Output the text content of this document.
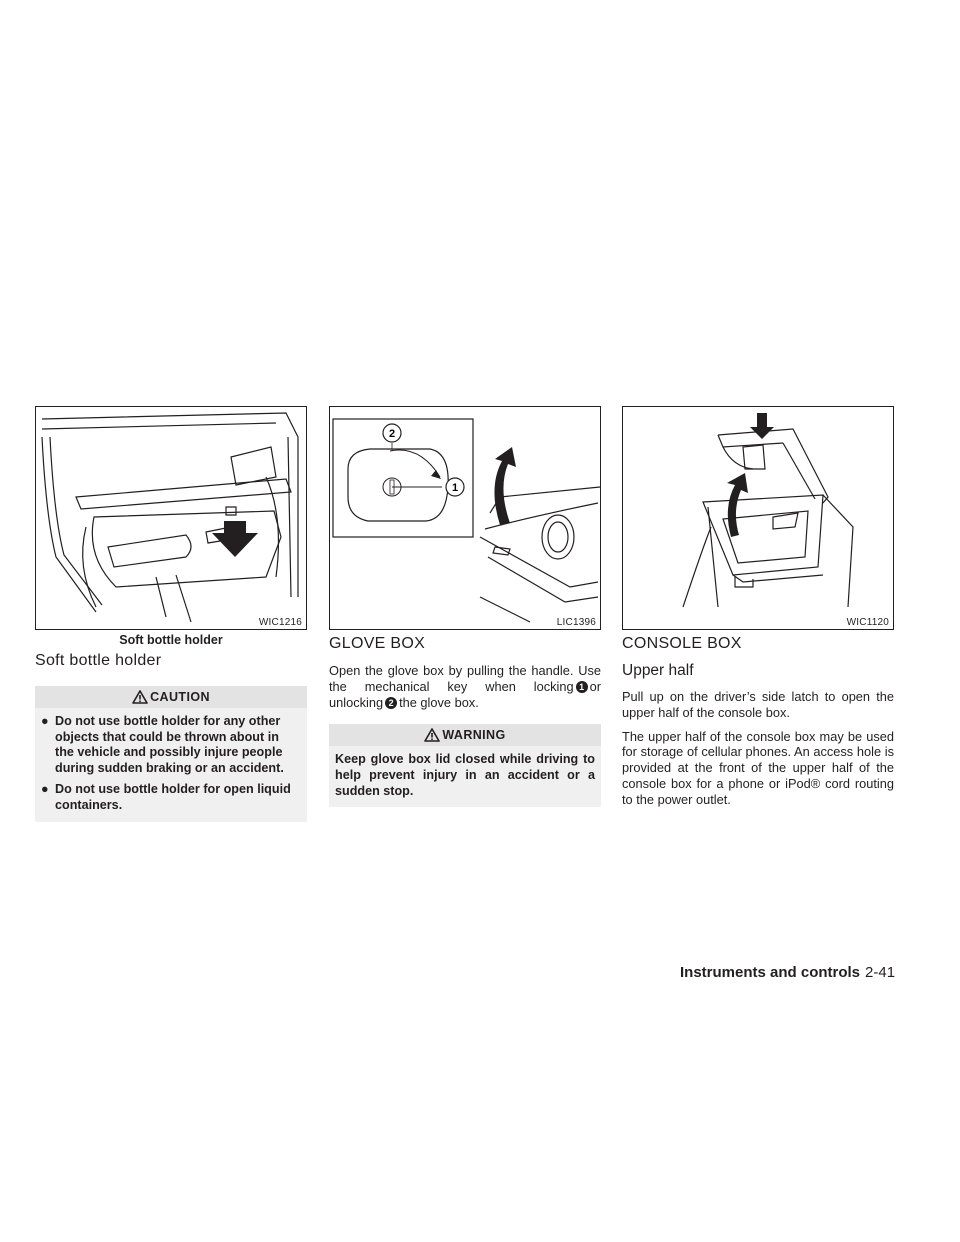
WIC1216
Soft bottle holder
Soft bottle holder
CAUTION
● Do not use bottle holder for any other objects that could be thrown about in the vehicle and possibly injure people during sudden braking or an accident.
● Do not use bottle holder for open liquid containers.
2
1
LIC1396
GLOVE BOX

Open the glove box by pulling the handle. Use the mechanical key when locking 1 or unlocking 2 the glove box.

WARNING
Keep glove box lid closed while driving to help prevent injury in an accident or a sudden stop.
WIC1120
CONSOLE BOX
Upper half

Pull up on the driver’s side latch to open the upper half of the console box.

The upper half of the console box may be used for storage of cellular phones. An access hole is provided at the front of the upper half of the console box for a phone or iPod® cord routing to the power outlet.

Instruments and controls 2-41
